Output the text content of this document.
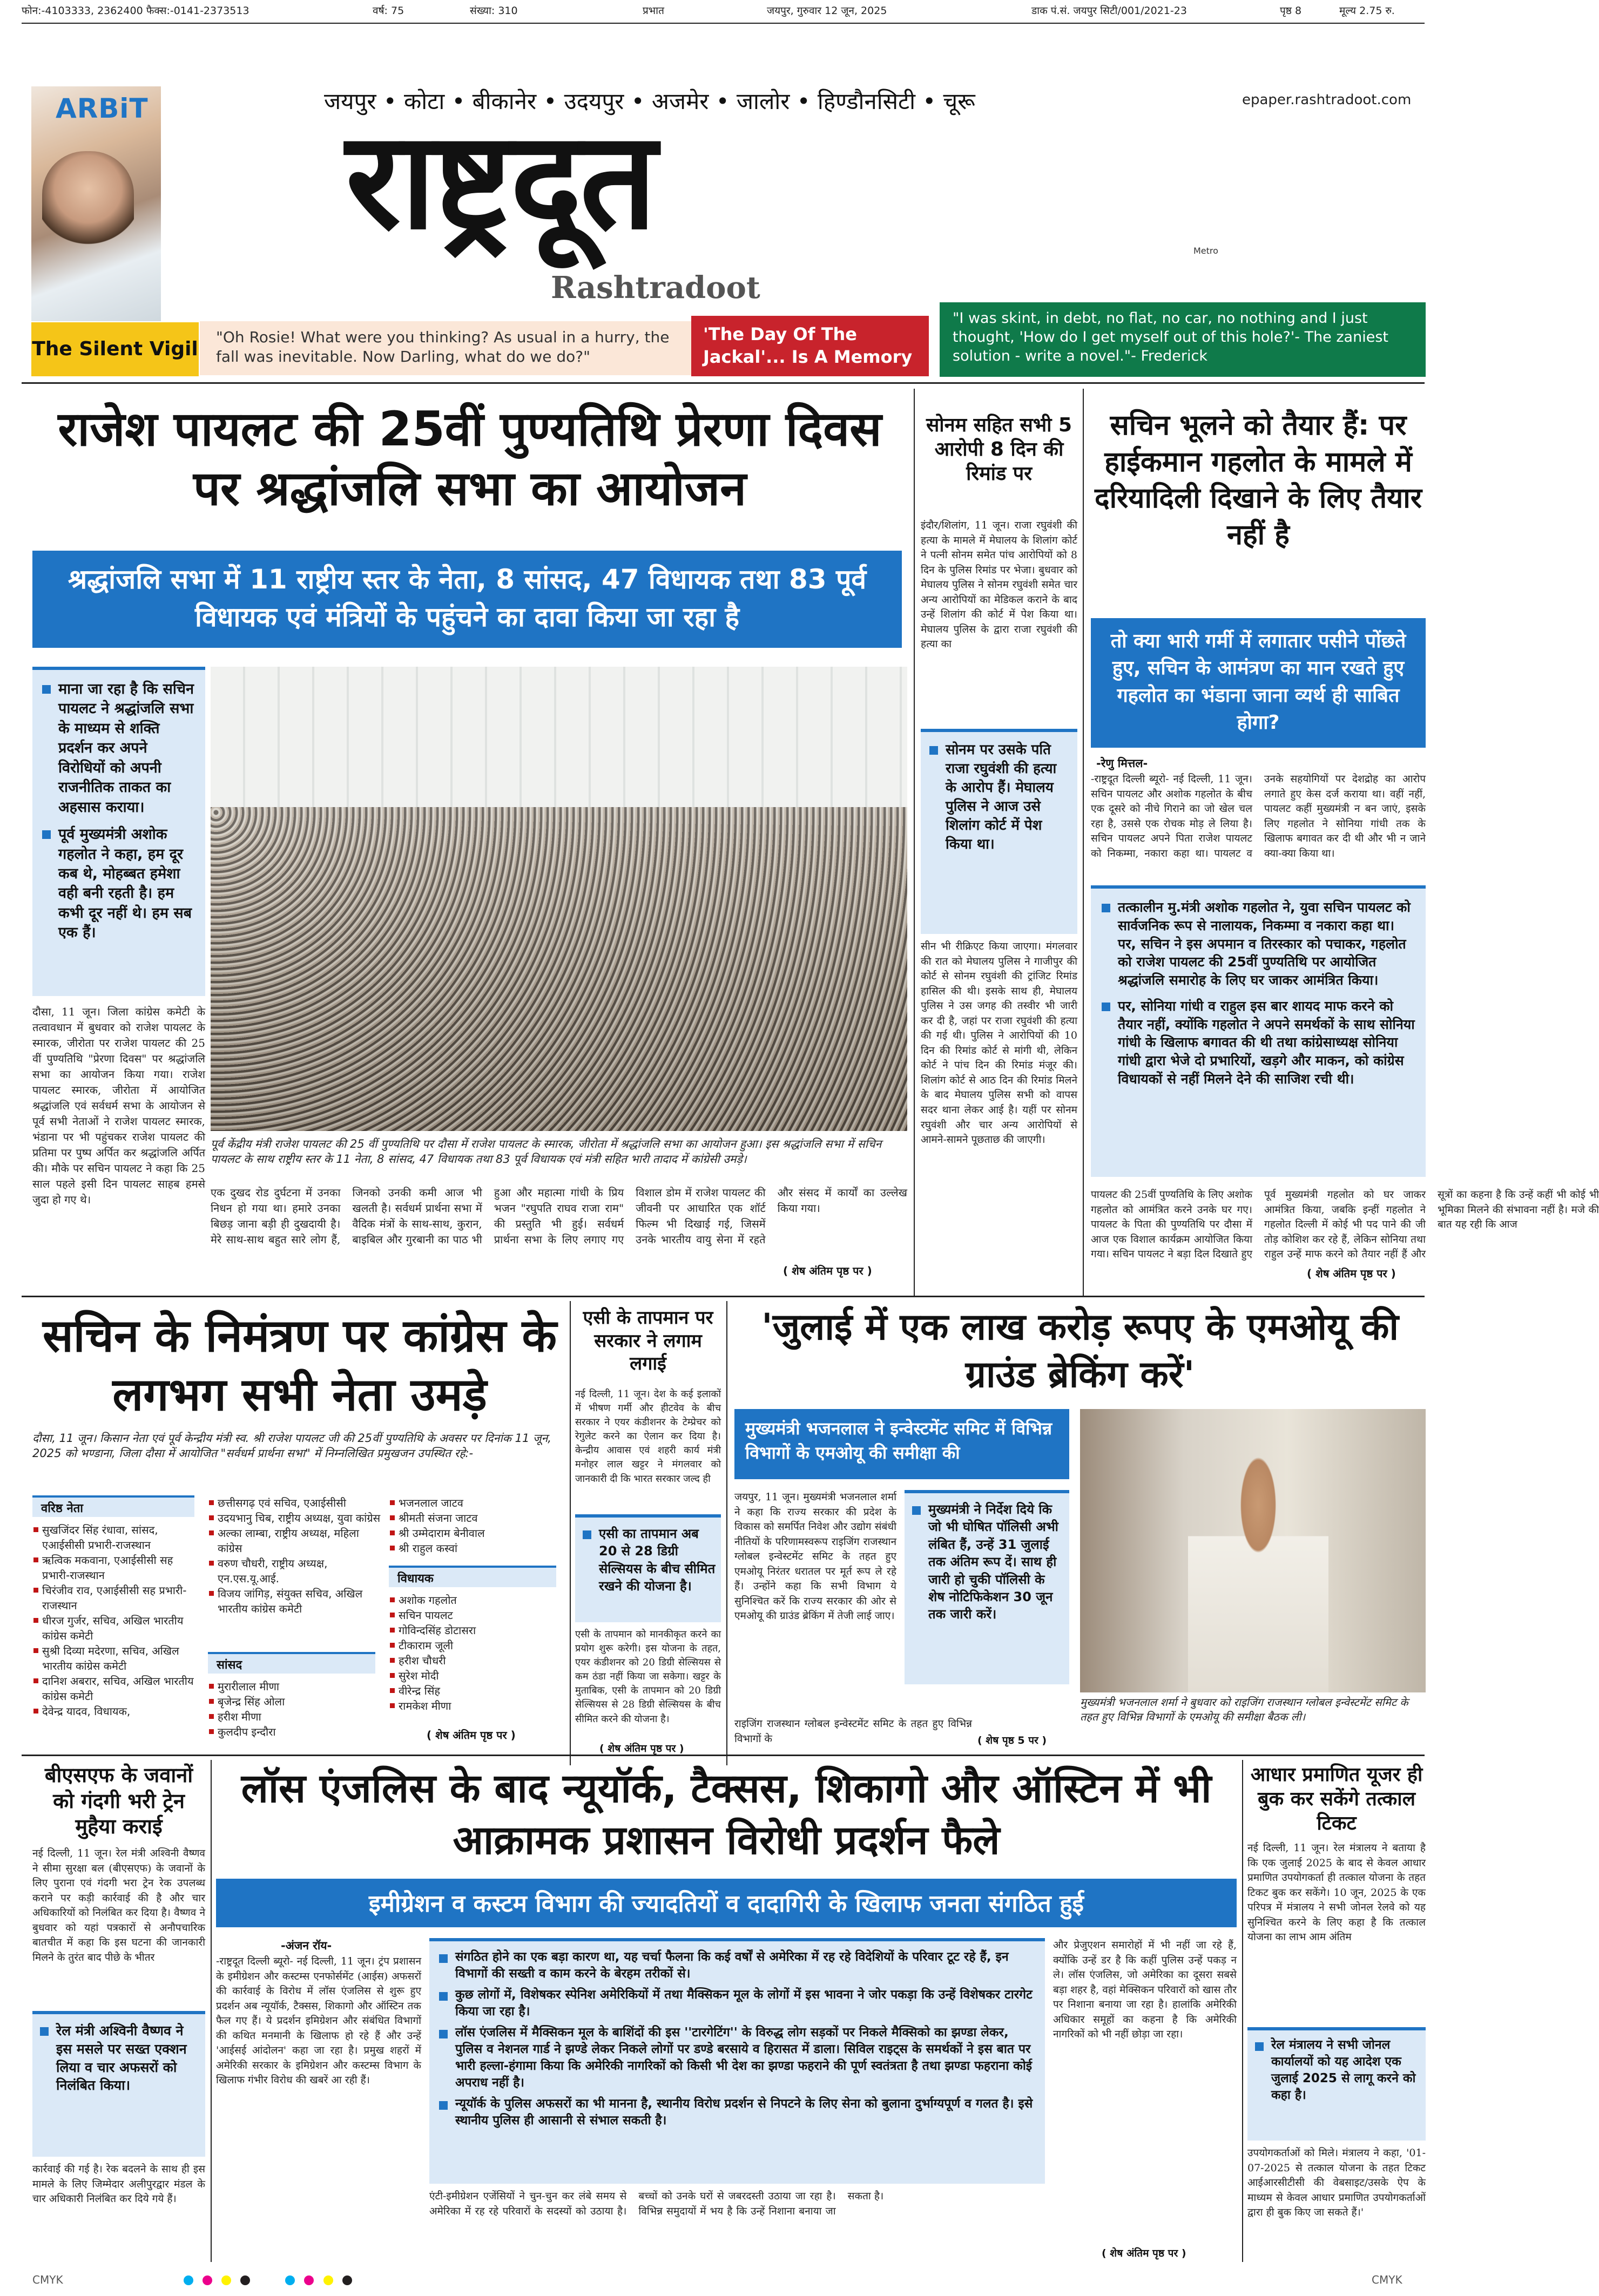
फोन:-4103333, 2362400 फैक्स:-0141-2373513	वर्ष: 75	संख्या: 310	प्रभात	जयपुर, गुरुवार 12 जून, 2025	डाक पं.सं. जयपुर सिटी/001/2021-23	पृष्ठ 8	मूल्य 2.75 रु.
ARBiT
The Silent Vigil
जयपुर • कोटा • बीकानेर • उदयपुर • अजमेर • जालोर • हिण्डौनसिटी • चूरू
राष्ट्रदूत
Rashtradoot
Metro
epaper.rashtradoot.com
"Oh Rosie! What were you thinking? As usual in a hurry, the fall was inevitable. Now Darling, what do we do?"
'The Day Of The Jackal'... Is A Memory
"I was skint, in debt, no flat, no car, no nothing and I just thought, 'How do I get myself out of this hole?'- The zaniest solution - write a novel."- Frederick
राजेश पायलट की 25वीं पुण्यतिथि प्रेरणा दिवस पर श्रद्धांजलि सभा का आयोजन
श्रद्धांजलि सभा में 11 राष्ट्रीय स्तर के नेता, 8 सांसद, 47 विधायक तथा 83 पूर्व विधायक एवं मंत्रियों के पहुंचने का दावा किया जा रहा है
माना जा रहा है कि सचिन पायलट ने श्रद्धांजलि सभा के माध्यम से शक्ति प्रदर्शन कर अपने विरोधियों को अपनी राजनीतिक ताकत का अहसास कराया।
पूर्व मुख्यमंत्री अशोक गहलोत ने कहा, हम दूर कब थे, मोहब्बत हमेशा वही बनी रहती है। हम कभी दूर नहीं थे। हम सब एक हैं।
दौसा, 11 जून। जिला कांग्रेस कमेटी के तत्वावधान में बुधवार को राजेश पायलट के स्मारक, जीरोता पर राजेश पायलट की 25 वीं पुण्यतिथि "प्रेरणा दिवस" पर श्रद्धांजलि सभा का आयोजन किया गया। राजेश पायलट स्मारक, जीरोता में आयोजित श्रद्धांजलि एवं सर्वधर्म सभा के आयोजन से पूर्व सभी नेताओं ने राजेश पायलट स्मारक, भंडाना पर भी पहुंचकर राजेश पायलट की प्रतिमा पर पुष्प अर्पित कर श्रद्धांजलि अर्पित की। मौके पर सचिन पायलट ने कहा कि 25 साल पहले इसी दिन पायलट साहब हमसे जुदा हो गए थे।
पूर्व केंद्रीय मंत्री राजेश पायलट की 25 वीं पुण्यतिथि पर दौसा में राजेश पायलट के स्मारक, जीरोता में श्रद्धांजलि सभा का आयोजन हुआ। इस श्रद्धांजलि सभा में सचिन पायलट के साथ राष्ट्रीय स्तर के 11 नेता, 8 सांसद, 47 विधायक तथा 83 पूर्व विधायक एवं मंत्री सहित भारी तादाद में कांग्रेसी उमड़े।
एक दुखद रोड दुर्घटना में उनका निधन हो गया था। हमारे उनका बिछड़ जाना बड़ी ही दुखदायी है। मेरे साथ-साथ बहुत सारे लोग हैं, जिनको उनकी कमी आज भी खलती है। सर्वधर्म प्रार्थना सभा में वैदिक मंत्रों के साथ-साथ, कुरान, बाइबिल और गुरबानी का पाठ भी हुआ और महात्मा गांधी के प्रिय भजन "रघुपति राघव राजा राम" की प्रस्तुति भी हुई। सर्वधर्म प्रार्थना सभा के लिए लगाए गए विशाल डोम में राजेश पायलट की जीवनी पर आधारित एक शॉर्ट फिल्म भी दिखाई गई, जिसमें उनके भारतीय वायु सेना में रहते और संसद में कार्यों का उल्लेख किया गया।
( शेष अंतिम पृष्ठ पर )
सोनम सहित सभी 5 आरोपी 8 दिन की रिमांड पर
इंदौर/शिलांग, 11 जून। राजा रघुवंशी की हत्या के मामले में मेघालय के शिलांग कोर्ट ने पत्नी सोनम समेत पांच आरोपियों को 8 दिन के पुलिस रिमांड पर भेजा। बुधवार को मेघालय पुलिस ने सोनम रघुवंशी समेत चार अन्य आरोपियों का मेडिकल कराने के बाद उन्हें शिलांग की कोर्ट में पेश किया था। मेघालय पुलिस के द्वारा राजा रघुवंशी की हत्या का
सोनम पर उसके पति राजा रघुवंशी की हत्या के आरोप हैं। मेघालय पुलिस ने आज उसे शिलांग कोर्ट में पेश किया था।
सीन भी रीक्रिएट किया जाएगा। मंगलवार की रात को मेघालय पुलिस ने गाजीपुर की कोर्ट से सोनम रघुवंशी की ट्रांजिट रिमांड हासिल की थी। इसके साथ ही, मेघालय पुलिस ने उस जगह की तस्वीर भी जारी कर दी है, जहां पर राजा रघुवंशी की हत्या की गई थी। पुलिस ने आरोपियों की 10 दिन की रिमांड कोर्ट से मांगी थी, लेकिन कोर्ट ने पांच दिन की रिमांड मंजूर की। शिलांग कोर्ट से आठ दिन की रिमांड मिलने के बाद मेघालय पुलिस सभी को वापस सदर थाना लेकर आई है। यहीं पर सोनम रघुवंशी और चार अन्य आरोपियों से आमने-सामने पूछताछ की जाएगी।
सचिन भूलने को तैयार हैं: पर हाईकमान गहलोत के मामले में दरियादिली दिखाने के लिए तैयार नहीं है
तो क्या भारी गर्मी में लगातार पसीने पोंछते हुए, सचिन के आमंत्रण का मान रखते हुए गहलोत का भंडाना जाना व्यर्थ ही साबित होगा?
-रेणु मित्तल-
-राष्ट्रदूत दिल्ली ब्यूरो- नई दिल्ली, 11 जून। सचिन पायलट और अशोक गहलोत के बीच एक दूसरे को नीचे गिराने का जो खेल चल रहा है, उससे एक रोचक मोड़ ले लिया है। सचिन पायलट अपने पिता राजेश पायलट को निकम्मा, नकारा कहा था। पायलट व उनके सहयोगियों पर देशद्रोह का आरोप लगाते हुए केस दर्ज कराया था। वहीं नहीं, पायलट कहीं मुख्यमंत्री न बन जाएं, इसके लिए गहलोत ने सोनिया गांधी तक के खिलाफ बगावत कर दी थी और भी न जाने क्या-क्या किया था।
तत्कालीन मु.मंत्री अशोक गहलोत ने, युवा सचिन पायलट को सार्वजनिक रूप से नालायक, निकम्मा व नकारा कहा था। पर, सचिन ने इस अपमान व तिरस्कार को पचाकर, गहलोत को राजेश पायलट की 25वीं पुण्यतिथि पर आयोजित श्रद्धांजलि समारोह के लिए घर जाकर आमंत्रित किया।
पर, सोनिया गांधी व राहुल इस बार शायद माफ करने को तैयार नहीं, क्योंकि गहलोत ने अपने समर्थकों के साथ सोनिया गांधी के खिलाफ बगावत की थी तथा कांग्रेसाध्यक्ष सोनिया गांधी द्वारा भेजे दो प्रभारियों, खड़गे और माकन, को कांग्रेस विधायकों से नहीं मिलने देने की साजिश रची थी।
पायलट की 25वीं पुण्यतिथि के लिए अशोक गहलोत को आमंत्रित करने उनके घर गए। पायलट के पिता की पुण्यतिथि पर दौसा में आज एक विशाल कार्यक्रम आयोजित किया गया। सचिन पायलट ने बड़ा दिल दिखाते हुए पूर्व मुख्यमंत्री गहलोत को घर जाकर आमंत्रित किया, जबकि इन्हीं गहलोत ने गहलोत दिल्ली में कोई भी पद पाने की जी तोड़ कोशिश कर रहे हैं, लेकिन सोनिया तथा राहुल उन्हें माफ करने को तैयार नहीं हैं और सूत्रों का कहना है कि उन्हें कहीं भी कोई भी भूमिका मिलने की संभावना नहीं है। मजे की बात यह रही कि आज
( शेष अंतिम पृष्ठ पर )
सचिन के निमंत्रण पर कांग्रेस के लगभग सभी नेता उमड़े
दौसा, 11 जून। किसान नेता एवं पूर्व केन्द्रीय मंत्री स्व. श्री राजेश पायलट जी की 25वीं पुण्यतिथि के अवसर पर दिनांक 11 जून, 2025 को भण्डाना, जिला दौसा में आयोजित "सर्वधर्म प्रार्थना सभा" में निम्नलिखित प्रमुखजन उपस्थित रहे:-
वरिष्ठ नेता
सुखजिंदर सिंह रंधावा, सांसद, एआईसीसी प्रभारी-राजस्थान
ऋत्विक मकवाना, एआईसीसी सह प्रभारी-राजस्थान
चिरंजीव राव, एआईसीसी सह प्रभारी-राजस्थान
धीरज गुर्जर, सचिव, अखिल भारतीय कांग्रेस कमेटी
सुश्री दिव्या मदेरणा, सचिव, अखिल भारतीय कांग्रेस कमेटी
दानिश अबरार, सचिव, अखिल भारतीय कांग्रेस कमेटी
देवेन्द्र यादव, विधायक,
छत्तीसगढ़ एवं सचिव, एआईसीसी
उदयभानु चिब, राष्ट्रीय अध्यक्ष, युवा कांग्रेस
अल्का लाम्बा, राष्ट्रीय अध्यक्ष, महिला कांग्रेस
वरुण चौधरी, राष्ट्रीय अध्यक्ष, एन.एस.यू.आई.
विजय जांगिड़, संयुक्त सचिव, अखिल भारतीय कांग्रेस कमेटी
सांसद
मुरारीलाल मीणा
बृजेन्द्र सिंह ओला
हरीश मीणा
कुलदीप इन्दौरा
भजनलाल जाटव
श्रीमती संजना जाटव
श्री उम्मेदाराम बेनीवाल
श्री राहुल कस्वां
विधायक
अशोक गहलोत
सचिन पायलट
गोविन्दसिंह डोटासरा
टीकाराम जूली
हरीश चौधरी
सुरेश मोदी
वीरेन्द्र सिंह
रामकेश मीणा
( शेष अंतिम पृष्ठ पर )
एसी के तापमान पर सरकार ने लगाम लगाई
नई दिल्ली, 11 जून। देश के कई इलाकों में भीषण गर्मी और हीटवेव के बीच सरकार ने एयर कंडीशनर के टेम्प्रेचर को रेगुलेट करने का ऐलान कर दिया है। केन्द्रीय आवास एवं शहरी कार्य मंत्री मनोहर लाल खट्टर ने मंगलवार को जानकारी दी कि भारत सरकार जल्द ही
एसी का तापमान अब 20 से 28 डिग्री सेल्सियस के बीच सीमित रखने की योजना है।
एसी के तापमान को मानकीकृत करने का प्रयोग शुरू करेगी। इस योजना के तहत, एयर कंडीशनर को 20 डिग्री सेल्सियस से कम ठंडा नहीं किया जा सकेगा। खट्टर के मुताबिक, एसी के तापमान को 20 डिग्री सेल्सियस से 28 डिग्री सेल्सियस के बीच सीमित करने की योजना है।
( शेष अंतिम पृष्ठ पर )
'जुलाई में एक लाख करोड़ रूपए के एमओयू की ग्राउंड ब्रेकिंग करें'
मुख्यमंत्री भजनलाल ने इन्वेस्टमेंट समिट में विभिन्न विभागों के एमओयू की समीक्षा की
जयपुर, 11 जून। मुख्यमंत्री भजनलाल शर्मा ने कहा कि राज्य सरकार की प्रदेश के विकास को समर्पित निवेश और उद्योग संबंधी नीतियों के परिणामस्वरूप राइजिंग राजस्थान ग्लोबल इन्वेस्टमेंट समिट के तहत हुए एमओयू निरंतर धरातल पर मूर्त रूप ले रहे हैं। उन्होंने कहा कि सभी विभाग ये सुनिश्चित करें कि राज्य सरकार की ओर से एमओयू की ग्राउंड ब्रेकिंग में तेजी लाई जाए।
मुख्यमंत्री ने निर्देश दिये कि जो भी घोषित पॉलिसी अभी लंबित हैं, उन्हें 31 जुलाई तक अंतिम रूप दें। साथ ही जारी हो चुकी पॉलिसी के शेष नोटिफिकेशन 30 जून तक जारी करें।
राइजिंग राजस्थान ग्लोबल इन्वेस्टमेंट समिट के तहत हुए विभिन्न विभागों के	( शेष पृष्ठ 5 पर )
मुख्यमंत्री भजनलाल शर्मा ने बुधवार को राइजिंग राजस्थान ग्लोबल इन्वेस्टमेंट समिट के तहत हुए विभिन्न विभागों के एमओयू की समीक्षा बैठक ली।
बीएसएफ के जवानों को गंदगी भरी ट्रेन मुहैया कराई
नई दिल्ली, 11 जून। रेल मंत्री अश्विनी वैष्णव ने सीमा सुरक्षा बल (बीएसएफ) के जवानों के लिए पुराना एवं गंदगी भरा ट्रेन रेक उपलब्ध कराने पर कड़ी कार्रवाई की है और चार अधिकारियों को निलंबित कर दिया है। वैष्णव ने बुधवार को यहां पत्रकारों से अनौपचारिक बातचीत में कहा कि इस घटना की जानकारी मिलने के तुरंत बाद पीछे के भीतर
रेल मंत्री अश्विनी वैष्णव ने इस मसले पर सख्त एक्शन लिया व चार अफसरों को निलंबित किया।
कार्रवाई की गई है। रेक बदलने के साथ ही इस मामले के लिए जिम्मेदार अलीपुरद्वार मंडल के चार अधिकारी निलंबित कर दिये गये हैं।
लॉस एंजलिस के बाद न्यूयॉर्क, टैक्सस, शिकागो और ऑस्टिन में भी आक्रामक प्रशासन विरोधी प्रदर्शन फैले
इमीग्रेशन व कस्टम विभाग की ज्यादतियों व दादागिरी के खिलाफ जनता संगठित हुई
-अंजन रॉय-
-राष्ट्रदूत दिल्ली ब्यूरो- नई दिल्ली, 11 जून। ट्रंप प्रशासन के इमीग्रेशन और कस्टम्स एनफोर्समेंट (आईस) अफसरों की कार्रवाई के विरोध में लॉस एंजलिस से शुरू हुए प्रदर्शन अब न्यूयॉर्क, टैक्सस, शिकागो और ऑस्टिन तक फैल गए हैं। ये प्रदर्शन इमिग्रेशन और संबंधित विभागों की कथित मनमानी के खिलाफ हो रहे हैं और उन्हें 'आईसई आंदोलन' कहा जा रहा है। प्रमुख शहरों में अमेरिकी सरकार के इमिग्रेशन और कस्टम्स विभाग के खिलाफ गंभीर विरोध की खबरें आ रही हैं।
संगठित होने का एक बड़ा कारण था, यह चर्चा फैलना कि कई वर्षों से अमेरिका में रह रहे विदेशियों के परिवार टूट रहे हैं, इन विभागों की सख्ती व काम करने के बेरहम तरीकों से।
कुछ लोगों में, विशेषकर स्पेनिश अमेरिकियों में तथा मैक्सिकन मूल के लोगों में इस भावना ने जोर पकड़ा कि उन्हें विशेषकर टारगेट किया जा रहा है।
लॉस एंजलिस में मैक्सिकन मूल के बाशिंदों की इस ''टारगेटिंग'' के विरुद्ध लोग सड़कों पर निकले मैक्सिको का झण्डा लेकर, पुलिस व नेशनल गार्ड ने झण्डे लेकर निकले लोगों पर डण्डे बरसाये व हिरासत में डाला। सिविल राइट्स के समर्थकों ने इस बात पर भारी हल्ला-हंगामा किया कि अमेरिकी नागरिकों को किसी भी देश का झण्डा फहराने की पूर्ण स्वतंत्रता है तथा झण्डा फहराना कोई अपराध नहीं है।
न्यूयॉर्क के पुलिस अफसरों का भी मानना है, स्थानीय विरोध प्रदर्शन से निपटने के लिए सेना को बुलाना दुर्भाग्यपूर्ण व गलत है। इसे स्थानीय पुलिस ही आसानी से संभाल सकती है।
एंटी-इमीग्रेशन एजेंसियों ने चुन-चुन कर लंबे समय से अमेरिका में रह रहे परिवारों के सदस्यों को उठाया है। बच्चों को उनके घरों से जबरदस्ती उठाया जा रहा है। विभिन्न समुदायों में भय है कि उन्हें निशाना बनाया जा सकता है।
और प्रेजुएशन समारोहों में भी नहीं जा रहे हैं, क्योंकि उन्हें डर है कि कहीं पुलिस उन्हें पकड़ न ले। लॉस एंजलिस, जो अमेरिका का दूसरा सबसे बड़ा शहर है, वहां मेक्सिकन परिवारों को खास तौर पर निशाना बनाया जा रहा है। हालांकि अमेरिकी अधिकार समूहों का कहना है कि अमेरिकी नागरिकों को भी नहीं छोड़ा जा रहा।
( शेष अंतिम पृष्ठ पर )
आधार प्रमाणित यूजर ही बुक कर सकेंगे तत्काल टिकट
नई दिल्ली, 11 जून। रेल मंत्रालय ने बताया है कि एक जुलाई 2025 के बाद से केवल आधार प्रमाणित उपयोगकर्ता ही तत्काल योजना के तहत टिकट बुक कर सकेंगे। 10 जून, 2025 के एक परिपत्र में मंत्रालय ने सभी जोनल रेलवे को यह सुनिश्चित करने के लिए कहा है कि तत्काल योजना का लाभ आम अंतिम
रेल मंत्रालय ने सभी जोनल कार्यालयों को यह आदेश एक जुलाई 2025 से लागू करने को कहा है।
उपयोगकर्ताओं को मिले। मंत्रालय ने कहा, '01-07-2025 से तत्काल योजना के तहत टिकट आईआरसीटीसी की वेबसाइट/उसके ऐप के माध्यम से केवल आधार प्रमाणित उपयोगकर्ताओं द्वारा ही बुक किए जा सकते हैं।'
CMYK
	CMYK
